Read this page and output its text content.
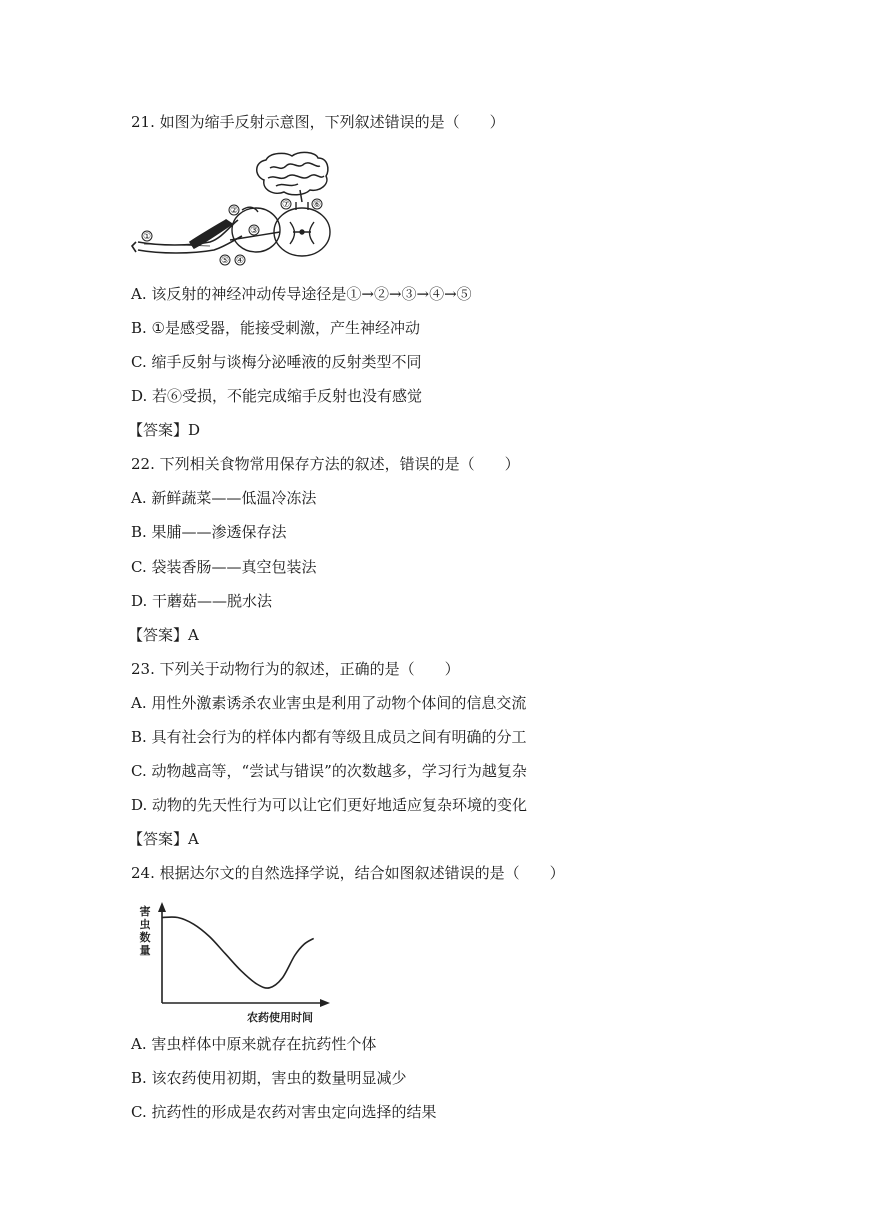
21. 如图为缩手反射示意图，下列叙述错误的是（　　）
①
②
③
④
⑤
⑥
⑦
A. 该反射的神经冲动传导途径是①→②→③→④→⑤
B. ①是感受器，能接受刺激，产生神经冲动
C. 缩手反射与谈梅分泌唾液的反射类型不同
D. 若⑥受损，不能完成缩手反射也没有感觉
【答案】D
22. 下列相关食物常用保存方法的叙述，错误的是（　　）
A. 新鲜蔬菜——低温冷冻法
B. 果脯——渗透保存法
C. 袋装香肠——真空包装法
D. 干蘑菇——脱水法
【答案】A
23. 下列关于动物行为的叙述，正确的是（　　）
A. 用性外激素诱杀农业害虫是利用了动物个体间的信息交流
B. 具有社会行为的样体内都有等级且成员之间有明确的分工
C. 动物越高等，“尝试与错误”的次数越多，学习行为越复杂
D. 动物的先天性行为可以让它们更好地适应复杂环境的变化
【答案】A
24. 根据达尔文的自然选择学说，结合如图叙述错误的是（　　）
害
虫
数
量
农药使用时间
A. 害虫样体中原来就存在抗药性个体
B. 该农药使用初期，害虫的数量明显减少
C. 抗药性的形成是农药对害虫定向选择的结果
